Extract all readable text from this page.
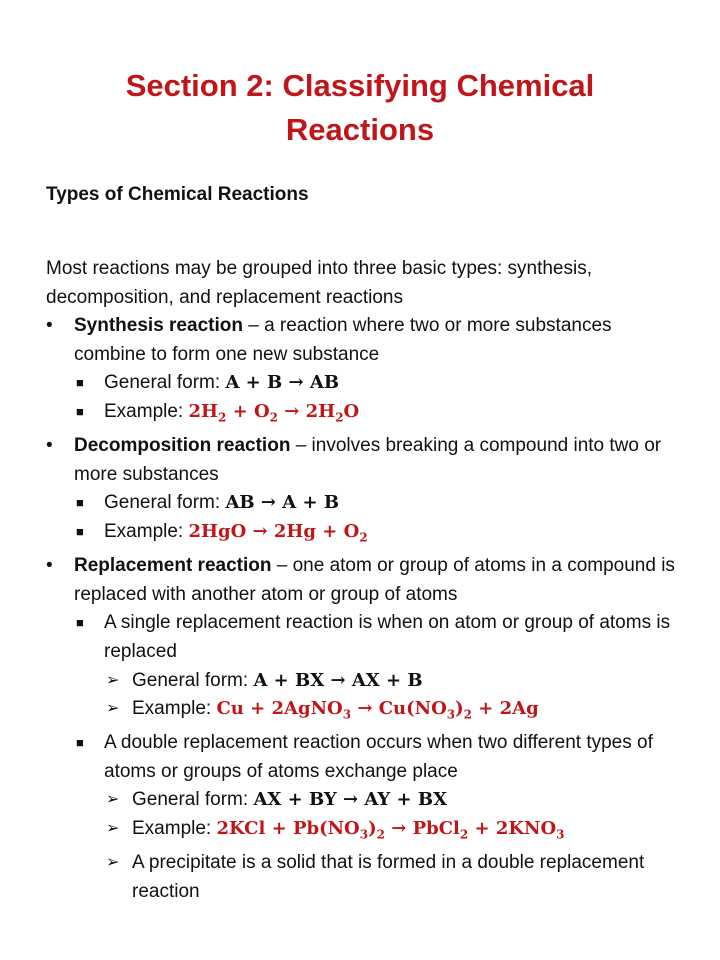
Section 2: Classifying Chemical Reactions
Types of Chemical Reactions

Most reactions may be grouped into three basic types: synthesis, decomposition, and replacement reactions

• Synthesis reaction – a reaction where two or more substances combine to form one new substance
■ General form: A + B → AB
■ Example: $2H_2 + O_2 \to 2H_2O$
• Decomposition reaction – involves breaking a compound into two or more substances
■ General form: AB → A + B
■ Example: $2HgO \to 2Hg + O_2$
• Replacement reaction – one atom or group of atoms in a compound is replaced with another atom or group of atoms
■ A single replacement reaction is when on atom or group of atoms is replaced
➢ General form: A + BX → AX + B
➢ Example: Cu + 2AgNO$_3$ → $Cu(NO_3)_2 + 2Ag$
■ A double replacement reaction occurs when two different types of atoms or groups of atoms exchange place
➢ General form: AX + BY → AY + BX
➢ Example: $2KCl + Pb(NO_3)_2$ → PbCl$_2$ + $2KNO_3$
➢ A precipitate is a solid that is formed in a double replacement reaction
